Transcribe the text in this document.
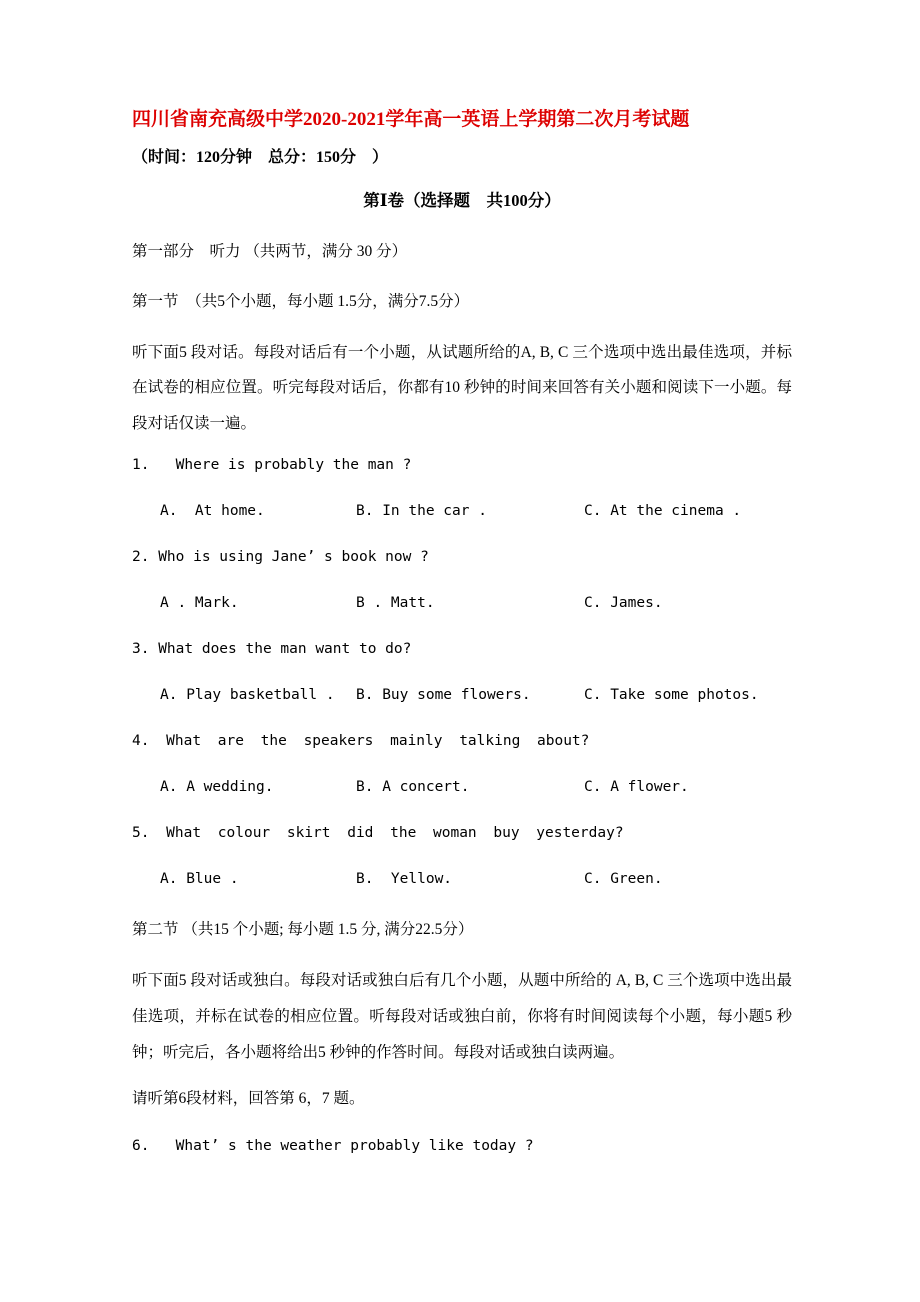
四川省南充高级中学2020-2021学年高一英语上学期第二次月考试题

（时间：120分钟　总分：150分　）

第Ⅰ卷（选择题　共100分）

第一部分　听力 （共两节，满分 30 分）

第一节　（共5个小题，每小题 1.5分，满分7.5分）

听下面5 段对话。每段对话后有一个小题，从试题所给的A, B, C 三个选项中选出最佳选项，并标在试卷的相应位置。听完每段对话后，你都有10 秒钟的时间来回答有关小题和阅读下一小题。每段对话仅读一遍。

1.   Where is probably the man ?

A.  At home.	B. In the car .	C. At the cinema .

2. Who is using Jane’ s book now ?

A . Mark.	B . Matt.	C. James.

3. What does the man want to do?

A. Play basketball .	B. Buy some flowers.	C. Take some photos.

4. What are the speakers mainly talking about?

A. A wedding.	B. A concert.	C. A flower.

5. What colour skirt did the woman buy yesterday?

A. Blue .	B.  Yellow.	C. Green.

第二节 （共15 个小题; 每小题 1.5 分, 满分22.5分）

听下面5 段对话或独白。每段对话或独白后有几个小题，从题中所给的 A, B, C 三个选项中选出最佳选项，并标在试卷的相应位置。听每段对话或独白前，你将有时间阅读每个小题，每小题5 秒钟；听完后，各小题将给出5 秒钟的作答时间。每段对话或独白读两遍。

请听第6段材料，回答第 6，7 题。

6.   What’ s the weather probably like today ?
